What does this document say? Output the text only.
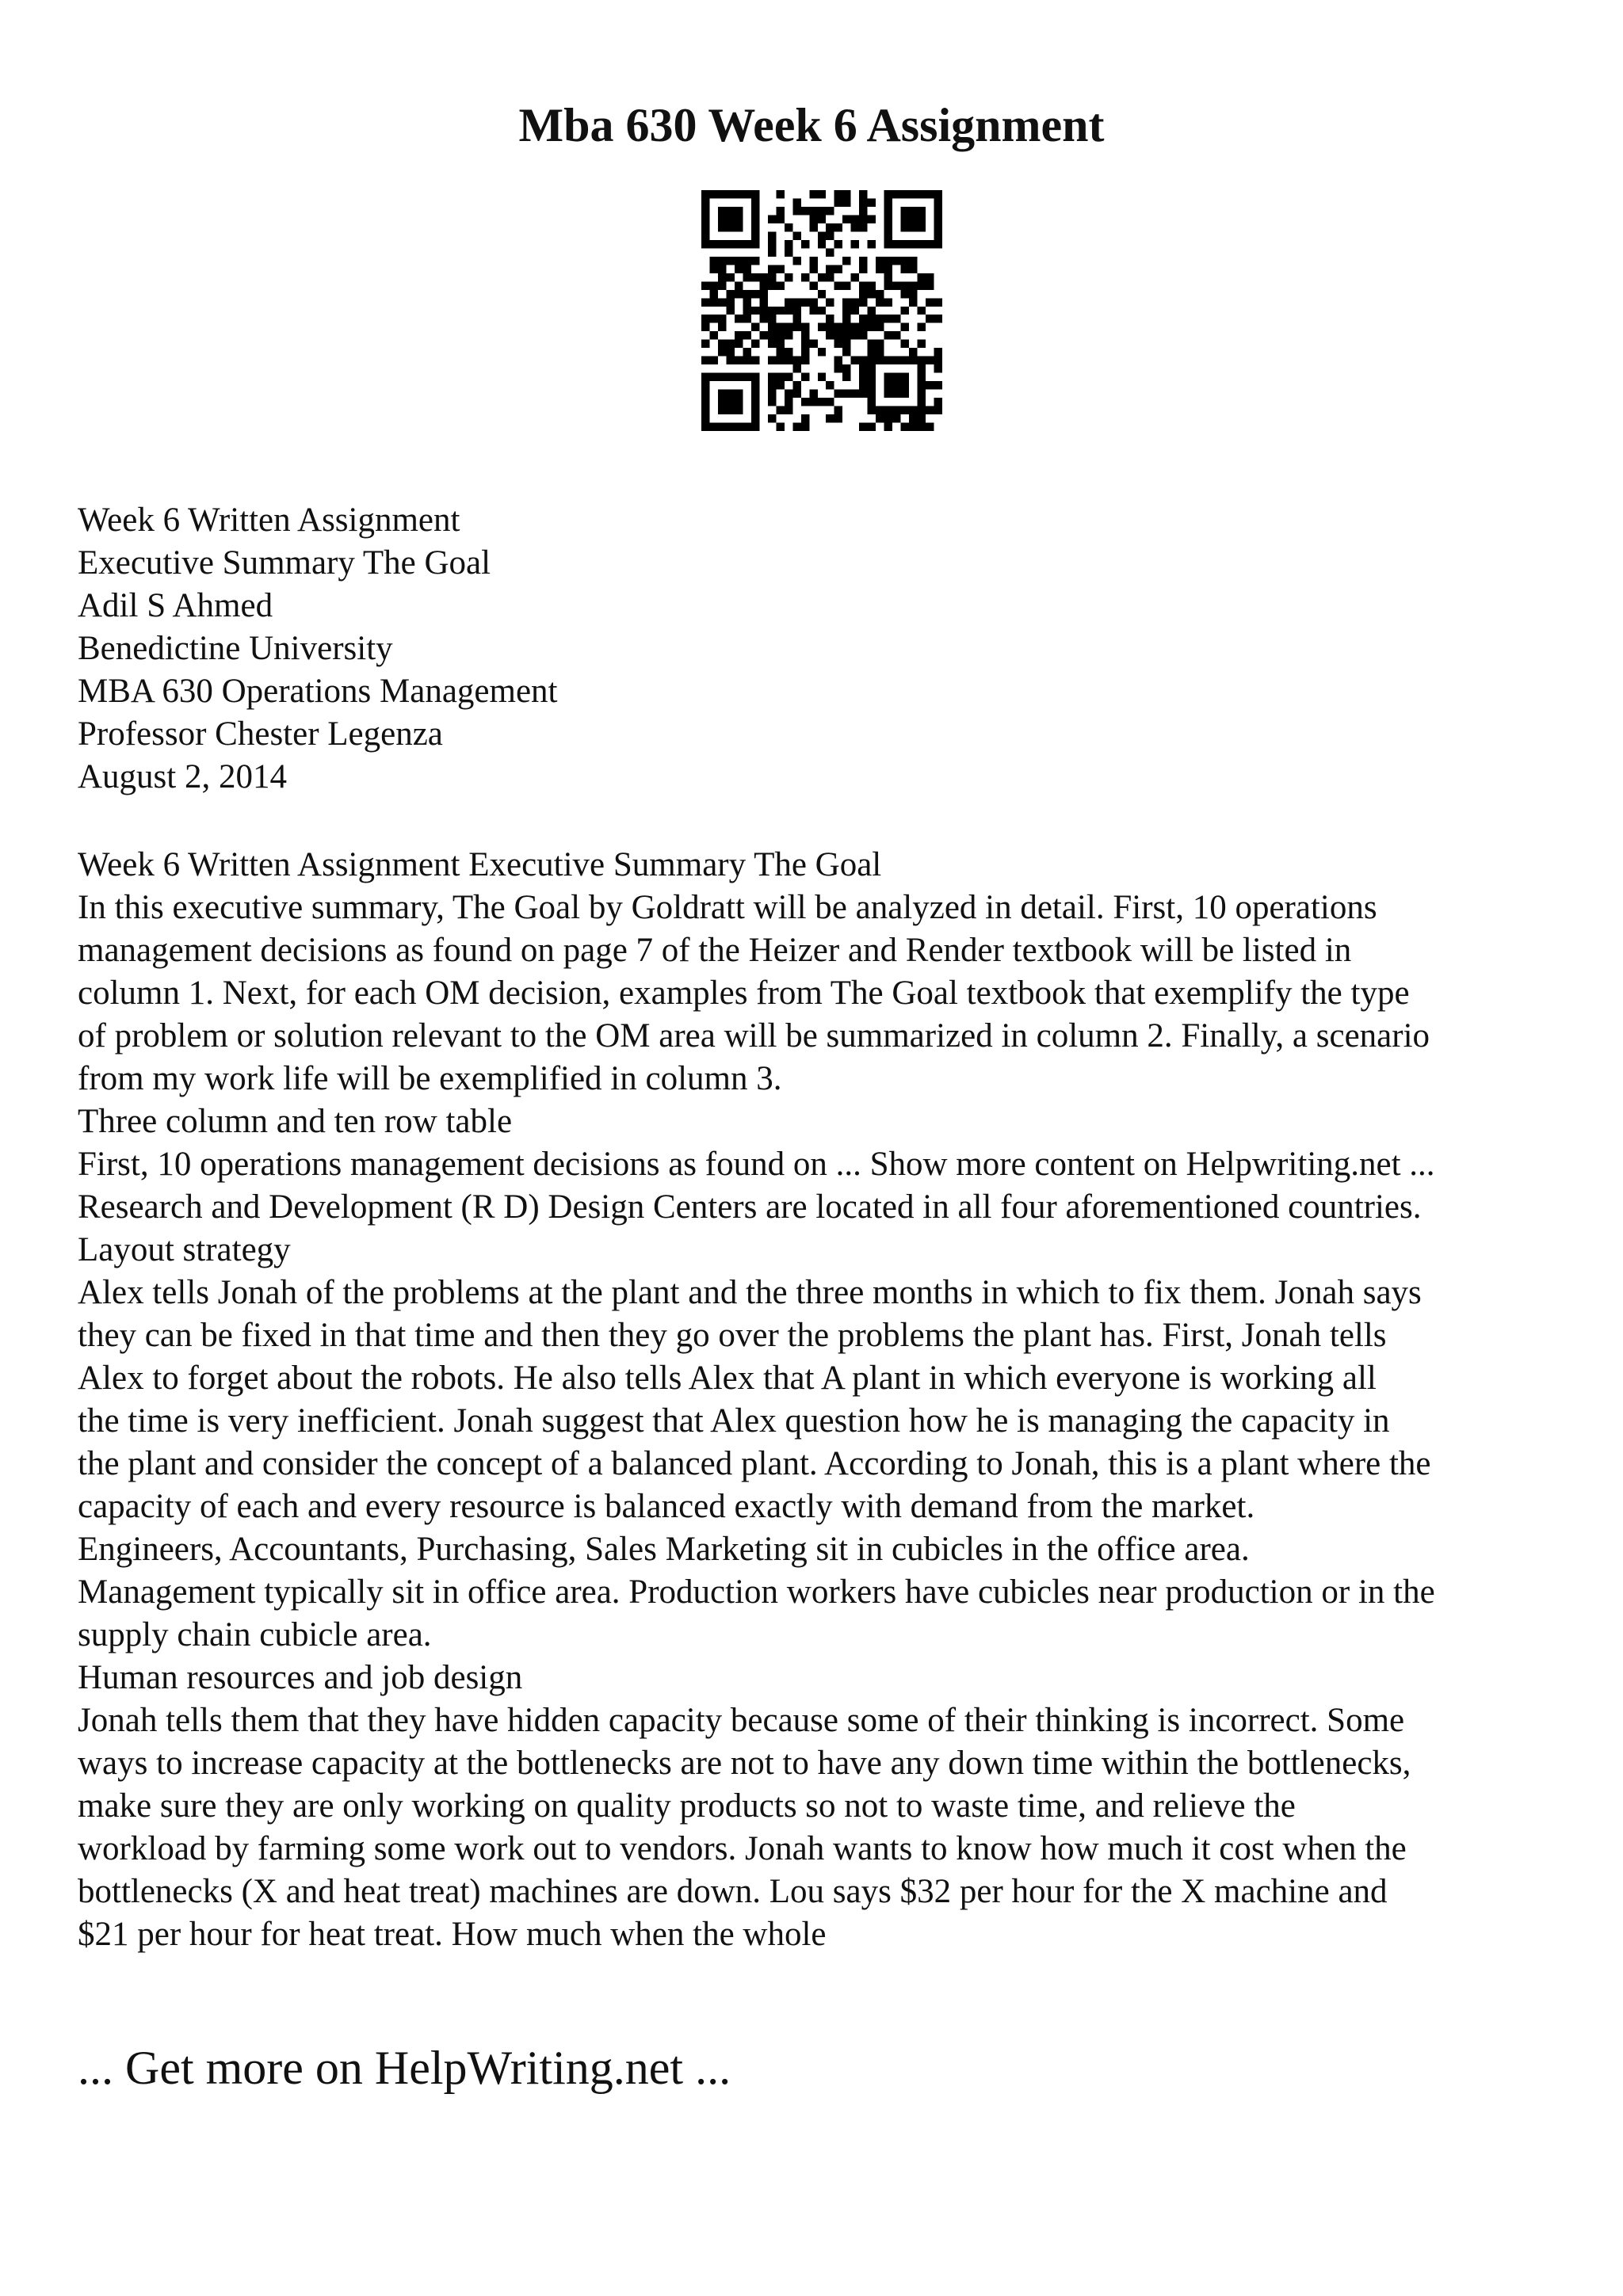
Mba 630 Week 6 Assignment
Week 6 Written Assignment
Executive Summary The Goal
Adil S Ahmed
Benedictine University
MBA 630 Operations Management
Professor Chester Legenza
August 2, 2014
Week 6 Written Assignment Executive Summary The Goal
In this executive summary, The Goal by Goldratt will be analyzed in detail. First, 10 operations
management decisions as found on page 7 of the Heizer and Render textbook will be listed in
column 1. Next, for each OM decision, examples from The Goal textbook that exemplify the type
of problem or solution relevant to the OM area will be summarized in column 2. Finally, a scenario
from my work life will be exemplified in column 3.
Three column and ten row table
First, 10 operations management decisions as found on ... Show more content on Helpwriting.net ...
Research and Development (R D) Design Centers are located in all four aforementioned countries.
Layout strategy
Alex tells Jonah of the problems at the plant and the three months in which to fix them. Jonah says
they can be fixed in that time and then they go over the problems the plant has. First, Jonah tells
Alex to forget about the robots. He also tells Alex that A plant in which everyone is working all
the time is very inefficient. Jonah suggest that Alex question how he is managing the capacity in
the plant and consider the concept of a balanced plant. According to Jonah, this is a plant where the
capacity of each and every resource is balanced exactly with demand from the market.
Engineers, Accountants, Purchasing, Sales Marketing sit in cubicles in the office area.
Management typically sit in office area. Production workers have cubicles near production or in the
supply chain cubicle area.
Human resources and job design
Jonah tells them that they have hidden capacity because some of their thinking is incorrect. Some
ways to increase capacity at the bottlenecks are not to have any down time within the bottlenecks,
make sure they are only working on quality products so not to waste time, and relieve the
workload by farming some work out to vendors. Jonah wants to know how much it cost when the
bottlenecks (X and heat treat) machines are down. Lou says $32 per hour for the X machine and
$21 per hour for heat treat. How much when the whole
... Get more on HelpWriting.net ...
